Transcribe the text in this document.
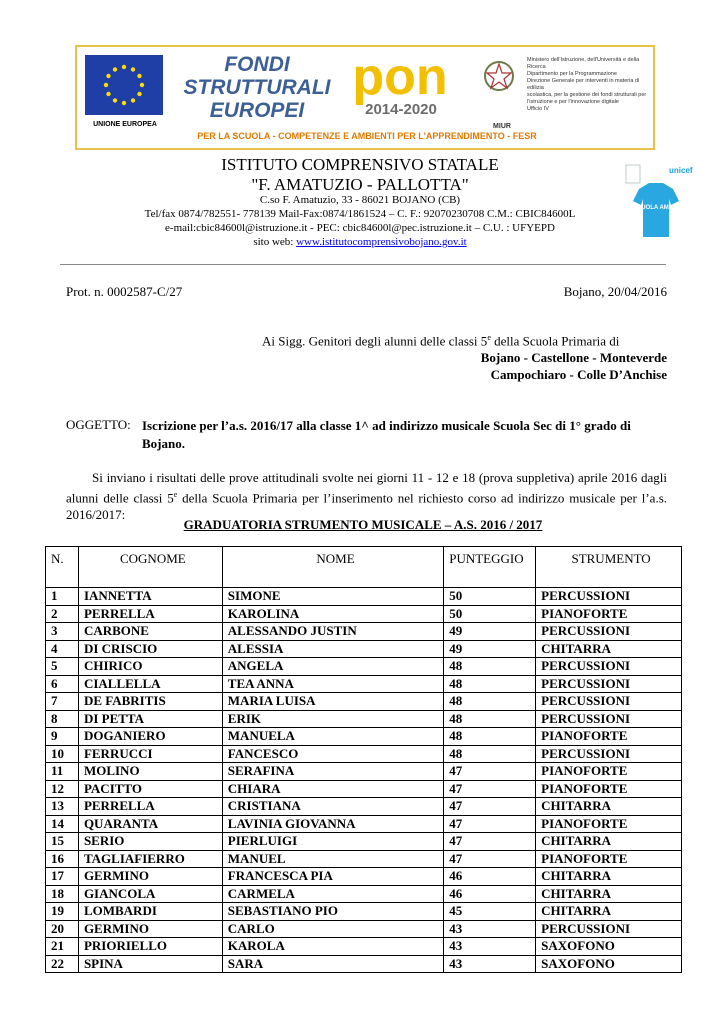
UNIONE EUROPEA
FONDI
STRUTTURALI
EUROPEI
pon
2014-2020
Ministero dell'Istruzione, dell'Università e della Ricerca
Dipartimento per la Programmazione
Direzione Generale per interventi in materia di edilizia
scolastica, per la gestione dei fondi strutturali per
l'istruzione e per l'innovazione digitale
Ufficio IV
MIUR
PER LA SCUOLA - COMPETENZE E AMBIENTI PER L'APPRENDIMENTO - FESR
ISTITUTO COMPRENSIVO STATALE
"F. AMATUZIO - PALLOTTA"
C.so F. Amatuzio, 33 - 86021 BOJANO (CB)
Tel/fax 0874/782551- 778139 Mail-Fax:0874/1861524 – C. F.: 92070230708 C.M.: CBIC84600L
e-mail:cbic84600l@istruzione.it - PEC: cbic84600l@pec.istruzione.it – C.U. : UFYEPD
sito web: www.istitutocomprensivobojano.gov.it
unicef
SCUOLA AMICA
Prot. n. 0002587-C/27	Bojano, 20/04/2016
Ai Sigg. Genitori degli alunni delle classi 5e della Scuola Primaria di
Bojano - Castellone - Monteverde
Campochiaro - Colle D’Anchise
OGGETTO: Iscrizione per l’a.s. 2016/17 alla classe 1^ ad indirizzo musicale Scuola Sec di 1° grado di Bojano.
Si inviano i risultati delle prove attitudinali svolte nei giorni 11 - 12 e 18 (prova suppletiva) aprile 2016 dagli alunni delle classi 5e della Scuola Primaria per l’inserimento nel richiesto corso ad indirizzo musicale per l’a.s. 2016/2017:
GRADUATORIA STRUMENTO MUSICALE – A.S. 2016 / 2017
N.	COGNOME	NOME	PUNTEGGIO	STRUMENTO
1	IANNETTA	SIMONE	50	PERCUSSIONI
2	PERRELLA	KAROLINA	50	PIANOFORTE
3	CARBONE	ALESSANDO JUSTIN	49	PERCUSSIONI
4	DI CRISCIO	ALESSIA	49	CHITARRA
5	CHIRICO	ANGELA	48	PERCUSSIONI
6	CIALLELLA	TEA ANNA	48	PERCUSSIONI
7	DE FABRITIS	MARIA LUISA	48	PERCUSSIONI
8	DI PETTA	ERIK	48	PERCUSSIONI
9	DOGANIERO	MANUELA	48	PIANOFORTE
10	FERRUCCI	FANCESCO	48	PERCUSSIONI
11	MOLINO	SERAFINA	47	PIANOFORTE
12	PACITTO	CHIARA	47	PIANOFORTE
13	PERRELLA	CRISTIANA	47	CHITARRA
14	QUARANTA	LAVINIA GIOVANNA	47	PIANOFORTE
15	SERIO	PIERLUIGI	47	CHITARRA
16	TAGLIAFIERRO	MANUEL	47	PIANOFORTE
17	GERMINO	FRANCESCA PIA	46	CHITARRA
18	GIANCOLA	CARMELA	46	CHITARRA
19	LOMBARDI	SEBASTIANO PIO	45	CHITARRA
20	GERMINO	CARLO	43	PERCUSSIONI
21	PRIORIELLO	KAROLA	43	SAXOFONO
22	SPINA	SARA	43	SAXOFONO
